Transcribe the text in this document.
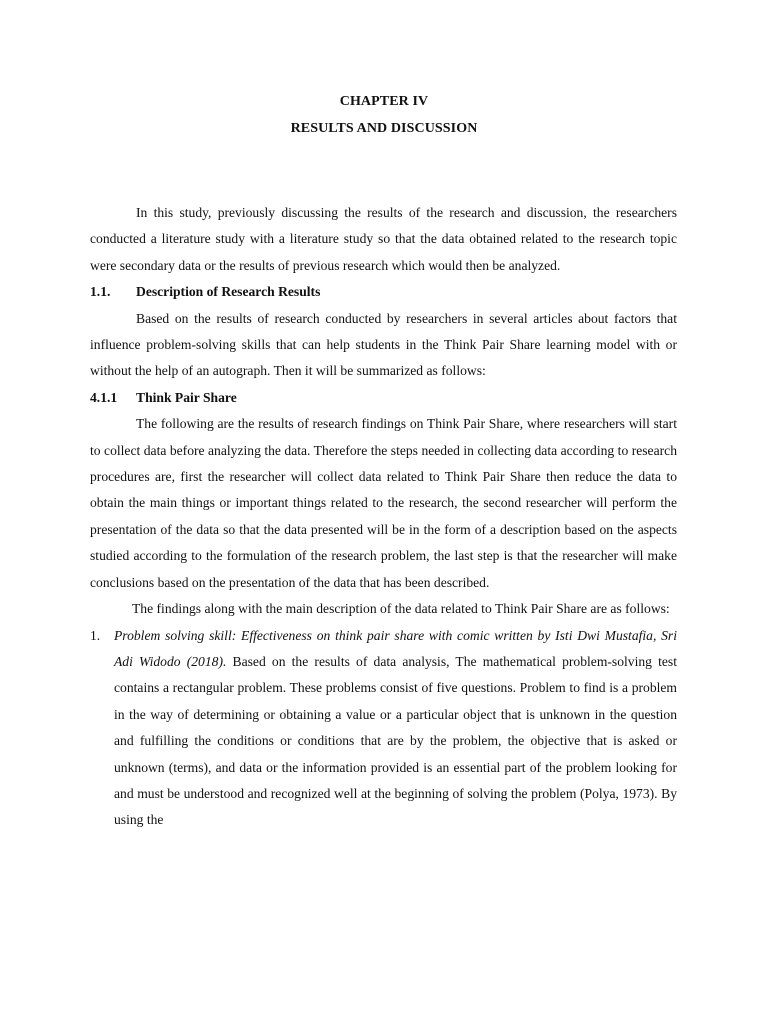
CHAPTER IV
RESULTS AND DISCUSSION

In this study, previously discussing the results of the research and discussion, the researchers conducted a literature study with a literature study so that the data obtained related to the research topic were secondary data or the results of previous research which would then be analyzed.

1.1.	Description of Research Results

Based on the results of research conducted by researchers in several articles about factors that influence problem-solving skills that can help students in the Think Pair Share learning model with or without the help of an autograph. Then it will be summarized as follows:

4.1.1	Think Pair Share

The following are the results of research findings on Think Pair Share, where researchers will start to collect data before analyzing the data. Therefore the steps needed in collecting data according to research procedures are, first the researcher will collect data related to Think Pair Share then reduce the data to obtain the main things or important things related to the research, the second researcher will perform the presentation of the data so that the data presented will be in the form of a description based on the aspects studied according to the formulation of the research problem, the last step is that the researcher will make conclusions based on the presentation of the data that has been described.

The findings along with the main description of the data related to Think Pair Share are as follows:

1. Problem solving skill: Effectiveness on think pair share with comic written by Isti Dwi Mustafia, Sri Adi Widodo (2018). Based on the results of data analysis, The mathematical problem-solving test contains a rectangular problem. These problems consist of five questions. Problem to find is a problem in the way of determining or obtaining a value or a particular object that is unknown in the question and fulfilling the conditions or conditions that are by the problem, the objective that is asked or unknown (terms), and data or the information provided is an essential part of the problem looking for and must be understood and recognized well at the beginning of solving the problem (Polya, 1973). By using the
